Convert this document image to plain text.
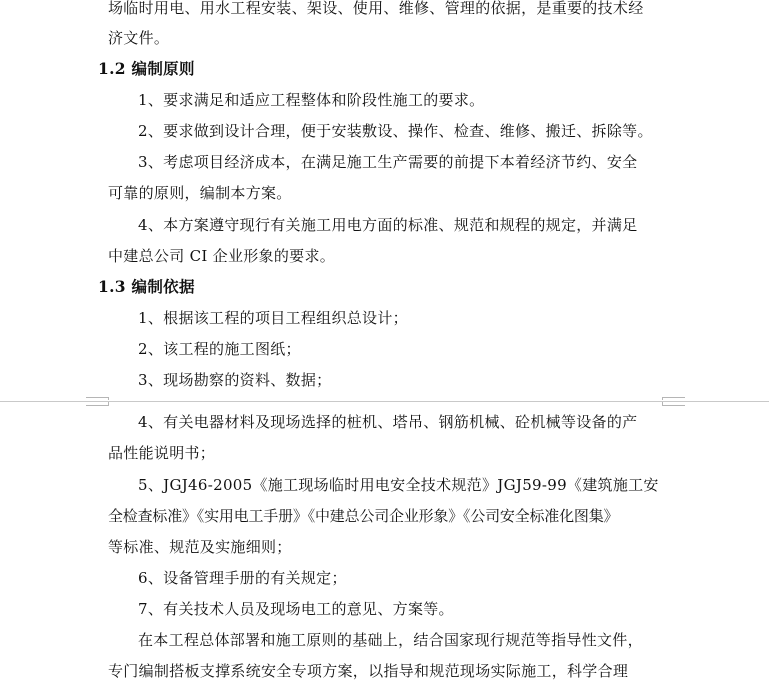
场临时用电、用水工程安装、架设、使用、维修、管理的依据，是重要的技术经
济文件。
1.2 编制原则
1、要求满足和适应工程整体和阶段性施工的要求。
2、要求做到设计合理，便于安装敷设、操作、检查、维修、搬迁、拆除等。
3、考虑项目经济成本，在满足施工生产需要的前提下本着经济节约、安全
可靠的原则，编制本方案。
4、本方案遵守现行有关施工用电方面的标准、规范和规程的规定，并满足
中建总公司 CI 企业形象的要求。
1.3 编制依据
1、根据该工程的项目工程组织总设计；
2、该工程的施工图纸；
3、现场勘察的资料、数据；
4、有关电器材料及现场选择的桩机、塔吊、钢筋机械、砼机械等设备的产
品性能说明书；
5、JGJ46-2005《施工现场临时用电安全技术规范》JGJ59-99《建筑施工安
全检查标准》《实用电工手册》《中建总公司企业形象》《公司安全标准化图集》
等标准、规范及实施细则；
6、设备管理手册的有关规定；
7、有关技术人员及现场电工的意见、方案等。
在本工程总体部署和施工原则的基础上，结合国家现行规范等指导性文件，
专门编制搭板支撑系统安全专项方案，以指导和规范现场实际施工，科学合理
